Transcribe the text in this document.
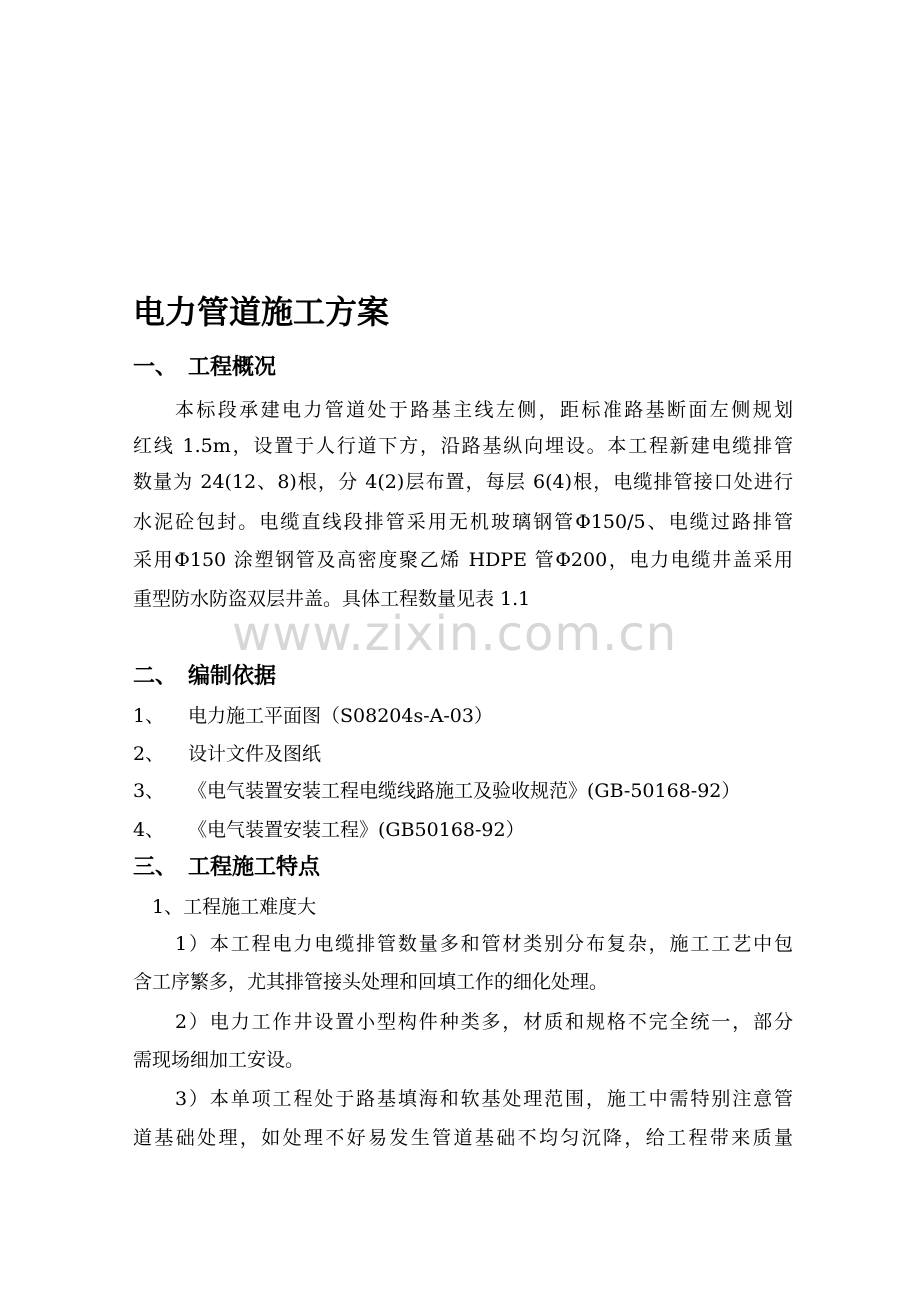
www.zixin.com.cn
电力管道施工方案
一、 工程概况
本标段承建电力管道处于路基主线左侧，距标准路基断面左侧规划
红线 1.5m，设置于人行道下方，沿路基纵向埋设。本工程新建电缆排管
数量为 24(12、8)根，分 4(2)层布置，每层 6(4)根，电缆排管接口处进行
水泥砼包封。电缆直线段排管采用无机玻璃钢管Φ150/5、电缆过路排管
采用Φ150 涂塑钢管及高密度聚乙烯 HDPE 管Φ200，电力电缆井盖采用
重型防水防盗双层井盖。具体工程数量见表 1.1
二、 编制依据
1、 电力施工平面图（S08204s-A-03）
2、 设计文件及图纸
3、 《电气装置安装工程电缆线路施工及验收规范》(GB-50168-92）
4、 《电气装置安装工程》(GB50168-92）
三、 工程施工特点
1、工程施工难度大
1）本工程电力电缆排管数量多和管材类别分布复杂，施工工艺中包
含工序繁多，尤其排管接头处理和回填工作的细化处理。
2）电力工作井设置小型构件种类多，材质和规格不完全统一，部分
需现场细加工安设。
3）本单项工程处于路基填海和软基处理范围，施工中需特别注意管
道基础处理，如处理不好易发生管道基础不均匀沉降，给工程带来质量
